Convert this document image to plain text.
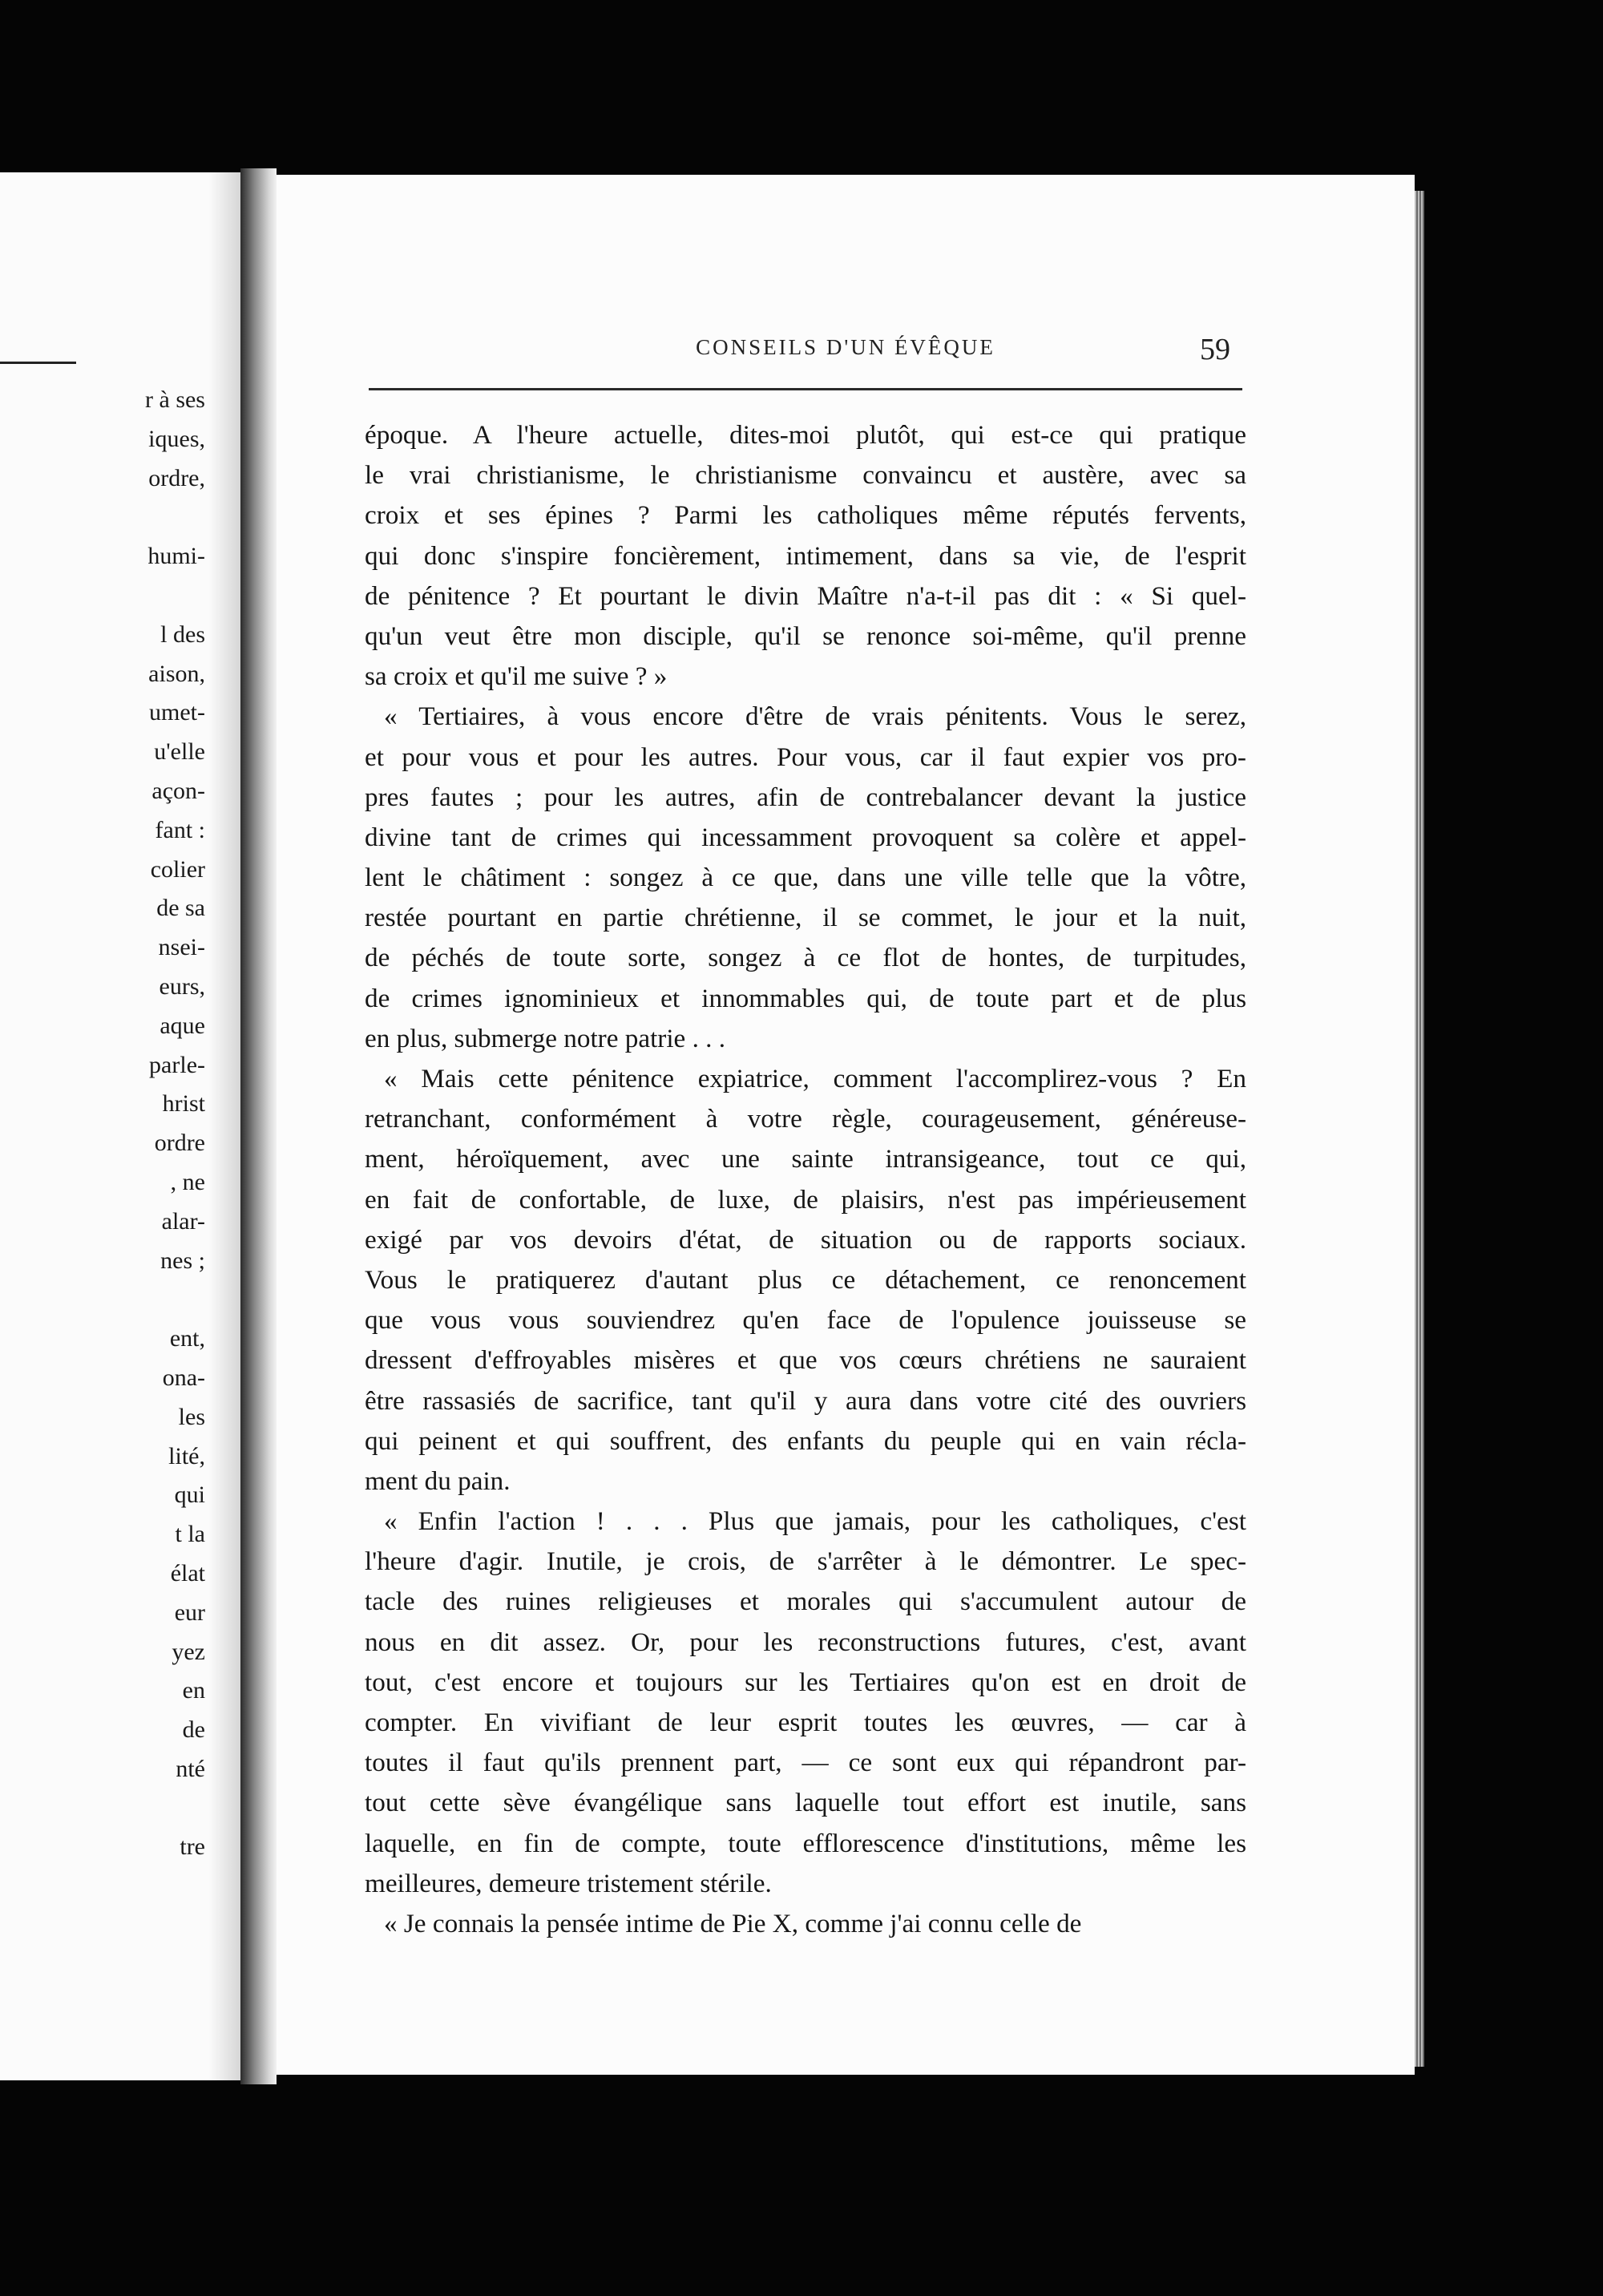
r à ses
iques,
ordre,
humi-
l des
aison,
umet-
u'elle
açon-
fant :
colier
de sa
nsei-
eurs,
aque
parle-
hrist
ordre
, ne
alar-
nes ;
ent,
ona-
les
lité,
qui
t la
élat
eur
yez
en
de
nté
tre
CONSEILS D'UN ÉVÊQUE	59
époque. A l'heure actuelle, dites-moi plutôt, qui est-ce qui pratique
le vrai christianisme, le christianisme convaincu et austère, avec sa
croix et ses épines ? Parmi les catholiques même réputés fervents,
qui donc s'inspire foncièrement, intimement, dans sa vie, de l'esprit
de pénitence ? Et pourtant le divin Maître n'a-t-il pas dit : « Si quel-
qu'un veut être mon disciple, qu'il se renonce soi-même, qu'il prenne
sa croix et qu'il me suive ? »
« Tertiaires, à vous encore d'être de vrais pénitents. Vous le serez,
et pour vous et pour les autres. Pour vous, car il faut expier vos pro-
pres fautes ; pour les autres, afin de contrebalancer devant la justice
divine tant de crimes qui incessamment provoquent sa colère et appel-
lent le châtiment : songez à ce que, dans une ville telle que la vôtre,
restée pourtant en partie chrétienne, il se commet, le jour et la nuit,
de péchés de toute sorte, songez à ce flot de hontes, de turpitudes,
de crimes ignominieux et innommables qui, de toute part et de plus
en plus, submerge notre patrie . . .
« Mais cette pénitence expiatrice, comment l'accomplirez-vous ? En
retranchant, conformément à votre règle, courageusement, généreuse-
ment, héroïquement, avec une sainte intransigeance, tout ce qui,
en fait de confortable, de luxe, de plaisirs, n'est pas impérieusement
exigé par vos devoirs d'état, de situation ou de rapports sociaux.
Vous le pratiquerez d'autant plus ce détachement, ce renoncement
que vous vous souviendrez qu'en face de l'opulence jouisseuse se
dressent d'effroyables misères et que vos cœurs chrétiens ne sauraient
être rassasiés de sacrifice, tant qu'il y aura dans votre cité des ouvriers
qui peinent et qui souffrent, des enfants du peuple qui en vain récla-
ment du pain.
« Enfin l'action ! . . . Plus que jamais, pour les catholiques, c'est
l'heure d'agir. Inutile, je crois, de s'arrêter à le démontrer. Le spec-
tacle des ruines religieuses et morales qui s'accumulent autour de
nous en dit assez. Or, pour les reconstructions futures, c'est, avant
tout, c'est encore et toujours sur les Tertiaires qu'on est en droit de
compter. En vivifiant de leur esprit toutes les œuvres, — car à
toutes il faut qu'ils prennent part, — ce sont eux qui répandront par-
tout cette sève évangélique sans laquelle tout effort est inutile, sans
laquelle, en fin de compte, toute efflorescence d'institutions, même les
meilleures, demeure tristement stérile.
« Je connais la pensée intime de Pie X, comme j'ai connu celle de
